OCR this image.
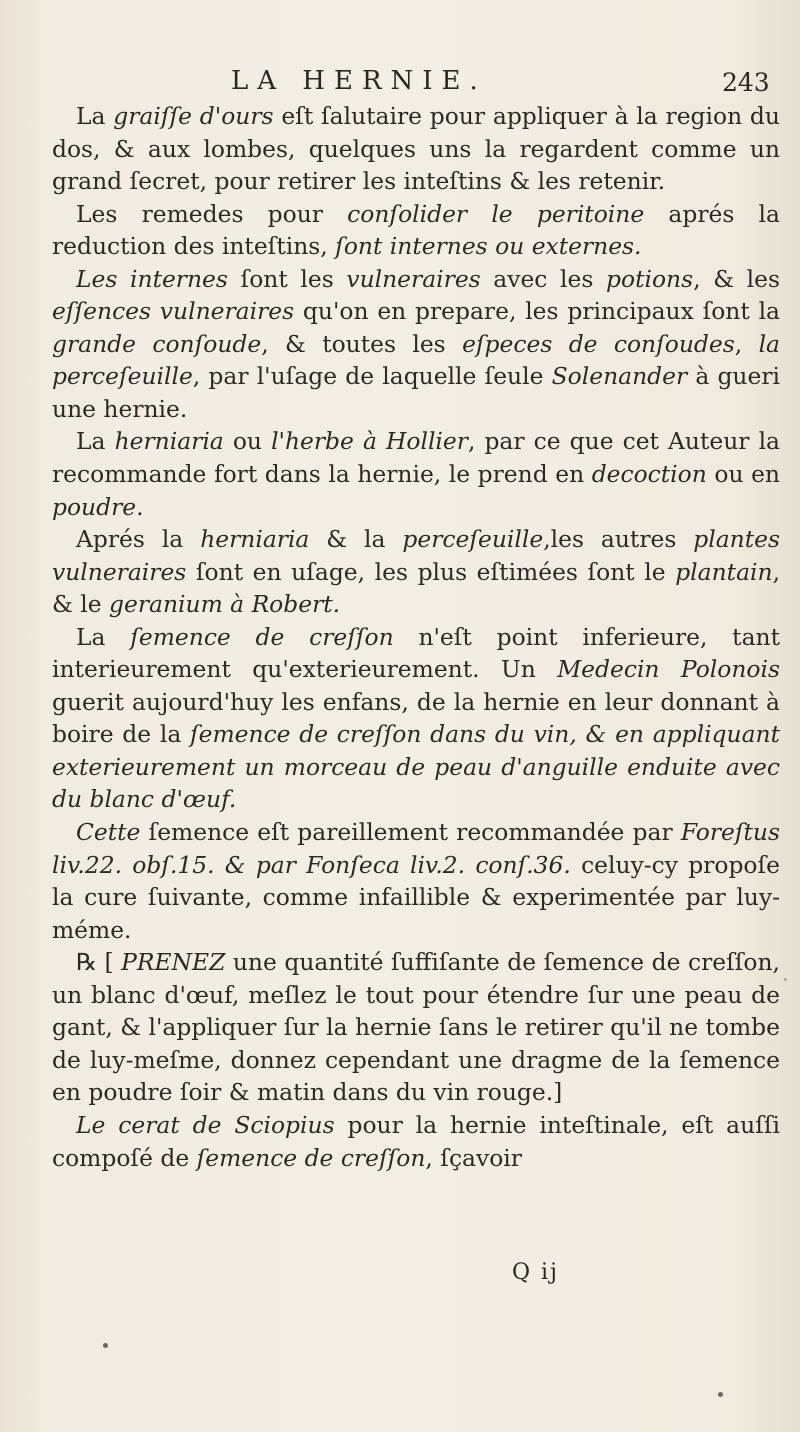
LA HERNIE.	243

La graiſſe d'ours eſt ſalutaire pour appliquer à la region du dos, & aux lombes, quelques uns la regardent comme un grand ſecret, pour retirer les inteſtins & les retenir.

Les remedes pour conſolider le peritoine aprés la reduction des inteſtins, ſont internes ou externes.

Les internes ſont les vulneraires avec les potions, & les eſſences vulneraires qu'on en prepare, les principaux ſont la grande conſoude, & toutes les eſpeces de conſoudes, la perceſeuille, par l'uſage de laquelle ſeule Solenander à gueri une hernie.

La herniaria ou l'herbe à Hollier, par ce que cet Auteur la recommande fort dans la hernie, le prend en decoction ou en poudre.

Aprés la herniaria & la perceſeuille,les autres plantes vulneraires ſont en uſage, les plus eſtimées ſont le plantain, & le geranium à Robert.

La ſemence de creſſon n'eſt point inferieure, tant interieurement qu'exterieurement. Un Medecin Polonois guerit aujourd'huy les enfans, de la hernie en leur donnant à boire de la ſemence de creſſon dans du vin, & en appliquant exterieurement un morceau de peau d'anguille enduite avec du blanc d'œuf.

Cette ſemence eſt pareillement recommandée par Foreſtus liv.22. obſ.15. & par Fonſeca liv.2. conſ.36. celuy-cy propoſe la cure ſuivante, comme infaillible & experimentée par luy-méme.

℞ [ PRENEZ une quantité ſuffiſante de ſemence de creſſon, un blanc d'œuf, meſlez le tout pour étendre ſur une peau de gant, & l'appliquer ſur la hernie ſans le retirer qu'il ne tombe de luy-meſme, donnez cependant une dragme de la ſemence en poudre ſoir & matin dans du vin rouge.]

Le cerat de Sciopius pour la hernie inteſtinale, eſt auſſi compoſé de ſemence de creſſon, ſçavoir

Q ij
